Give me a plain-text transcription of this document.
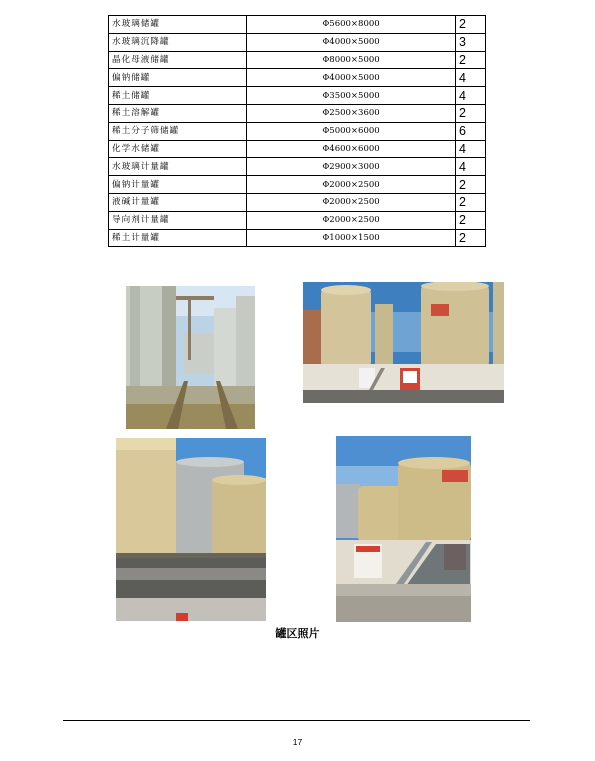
水玻璃储罐	Φ5600×8000	2
水玻璃沉降罐	Φ4000×5000	3
晶化母液储罐	Φ8000×5000	2
偏钠储罐	Φ4000×5000	4
稀土储罐	Φ3500×5000	4
稀土溶解罐	Φ2500×3600	2
稀土分子筛储罐	Φ5000×6000	6
化学水储罐	Φ4600×6000	4
水玻璃计量罐	Φ2900×3000	4
偏钠计量罐	Φ2000×2500	2
液碱计量罐	Φ2000×2500	2
导向剂计量罐	Φ2000×2500	2
稀土计量罐	Φ1000×1500	2
罐区照片
17
